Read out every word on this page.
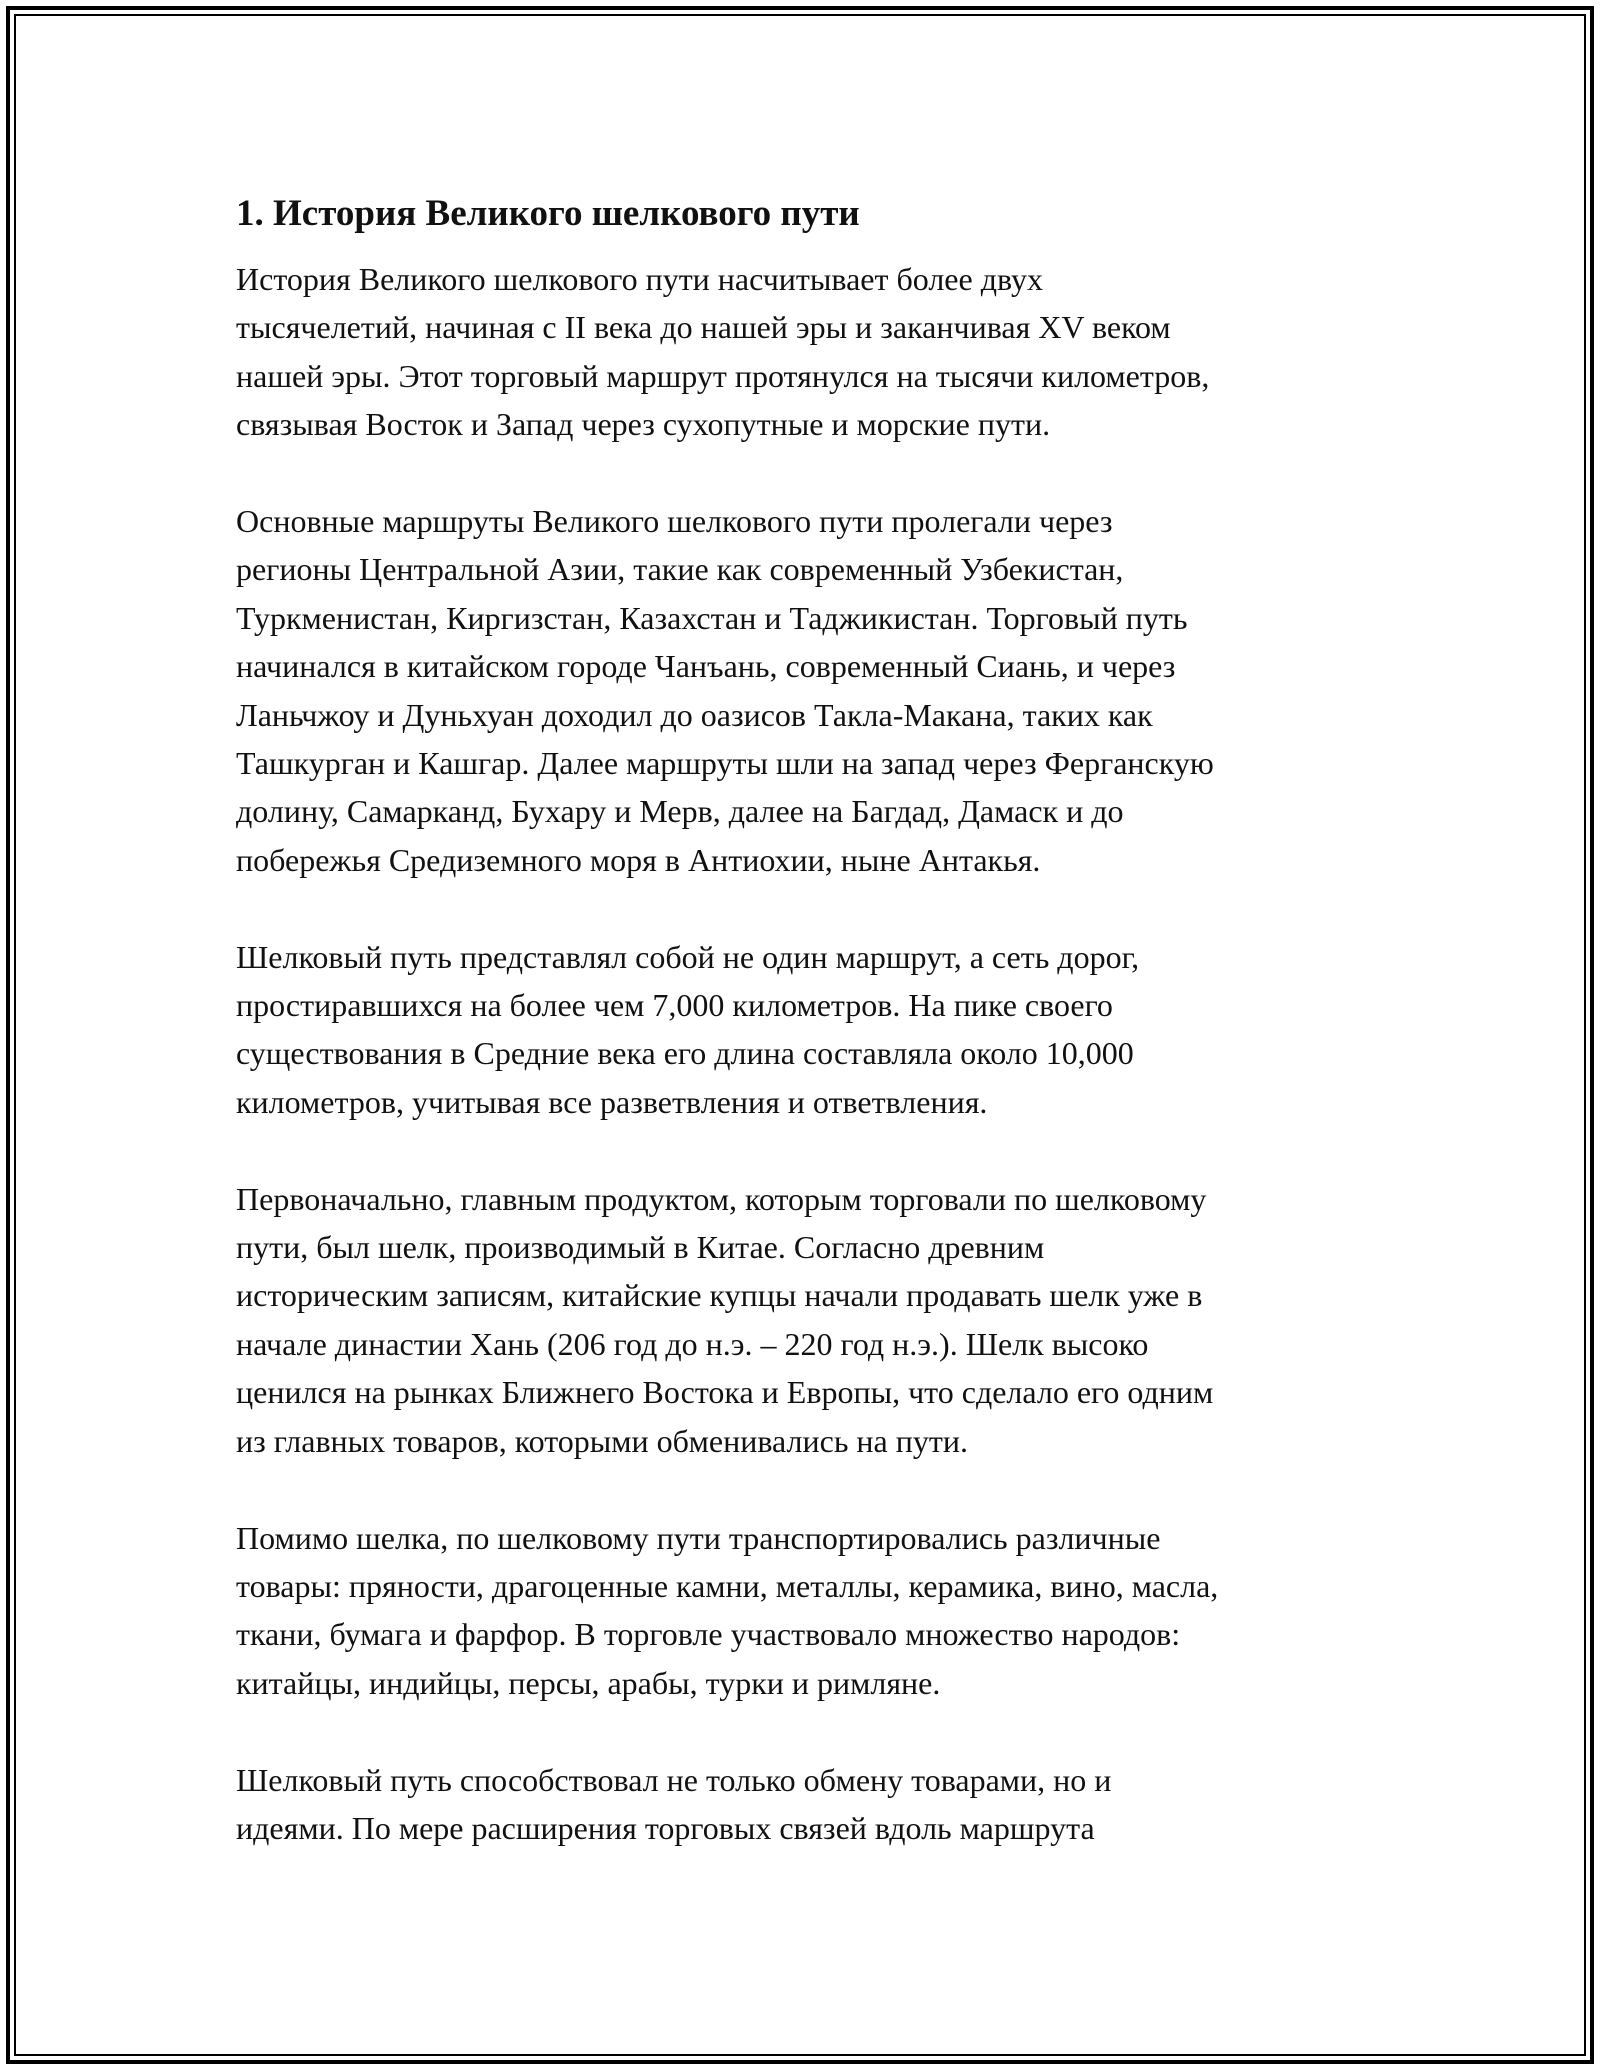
1. История Великого шелкового пути

История Великого шелкового пути насчитывает более двух
тысячелетий, начиная с II века до нашей эры и заканчивая XV веком
нашей эры. Этот торговый маршрут протянулся на тысячи километров,
связывая Восток и Запад через сухопутные и морские пути.

Основные маршруты Великого шелкового пути пролегали через
регионы Центральной Азии, такие как современный Узбекистан,
Туркменистан, Киргизстан, Казахстан и Таджикистан. Торговый путь
начинался в китайском городе Чанъань, современный Сиань, и через
Ланьчжоу и Дуньхуан доходил до оазисов Такла-Макана, таких как
Ташкурган и Кашгар. Далее маршруты шли на запад через Ферганскую
долину, Самарканд, Бухару и Мерв, далее на Багдад, Дамаск и до
побережья Средиземного моря в Антиохии, ныне Антакья.

Шелковый путь представлял собой не один маршрут, а сеть дорог,
простиравшихся на более чем 7,000 километров. На пике своего
существования в Средние века его длина составляла около 10,000
километров, учитывая все разветвления и ответвления.

Первоначально, главным продуктом, которым торговали по шелковому
пути, был шелк, производимый в Китае. Согласно древним
историческим записям, китайские купцы начали продавать шелк уже в
начале династии Хань (206 год до н.э. – 220 год н.э.). Шелк высоко
ценился на рынках Ближнего Востока и Европы, что сделало его одним
из главных товаров, которыми обменивались на пути.

Помимо шелка, по шелковому пути транспортировались различные
товары: пряности, драгоценные камни, металлы, керамика, вино, масла,
ткани, бумага и фарфор. В торговле участвовало множество народов:
китайцы, индийцы, персы, арабы, турки и римляне.

Шелковый путь способствовал не только обмену товарами, но и
идеями. По мере расширения торговых связей вдоль маршрута
